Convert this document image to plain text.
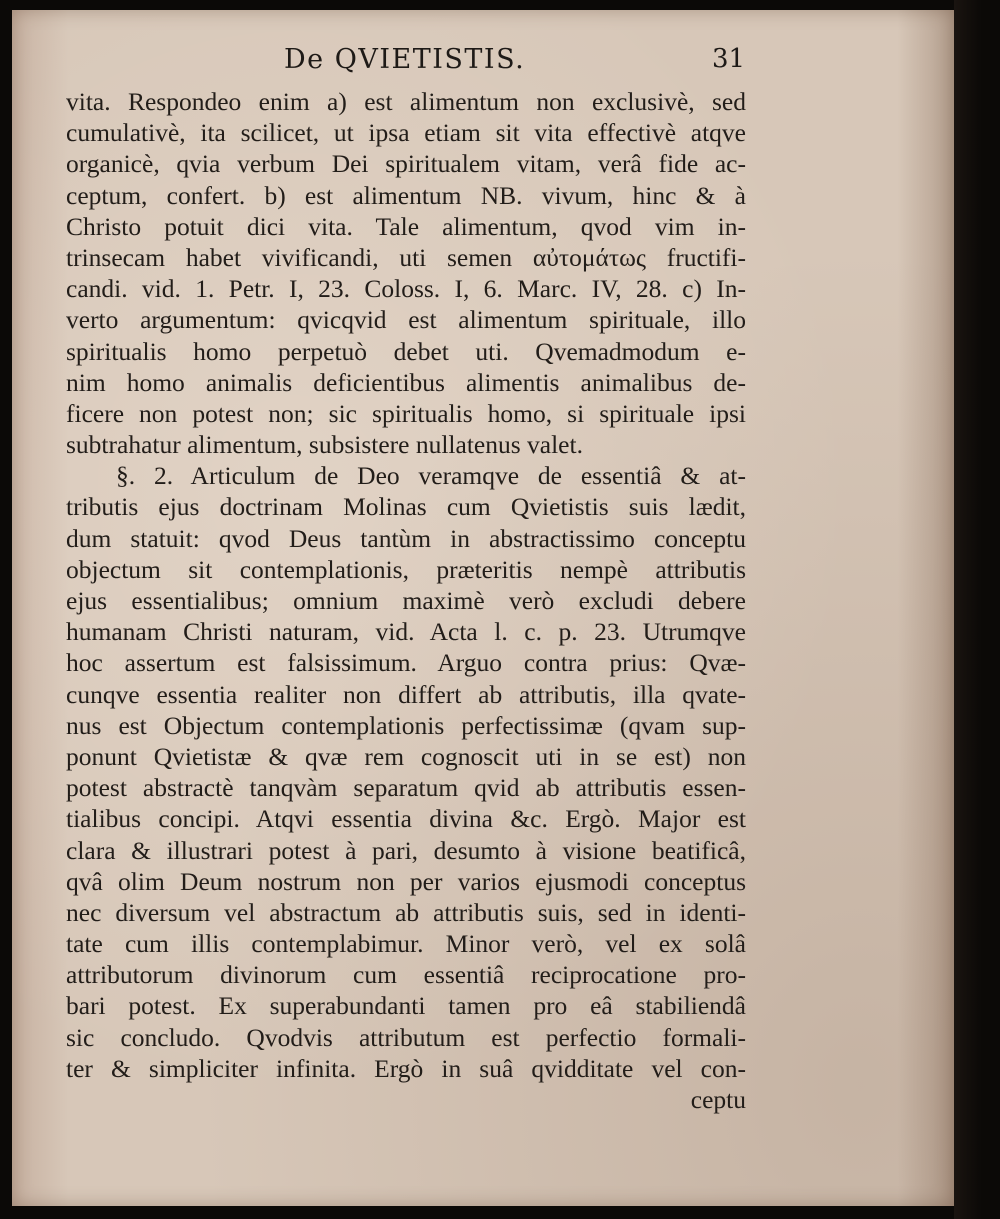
De QVIETISTIS.	31
vita. Respondeo enim a) est alimentum non exclusivè, sed
cumulativè, ita scilicet, ut ipsa etiam sit vita effectivè atqve
organicè, qvia verbum Dei spiritualem vitam, verâ fide ac-
ceptum, confert. b) est alimentum NB. vivum, hinc & à
Christo potuit dici vita. Tale alimentum, qvod vim in-
trinsecam habet vivificandi, uti semen αὐτομάτως fructifi-
candi. vid. 1. Petr. I, 23. Coloss. I, 6. Marc. IV, 28. c) In-
verto argumentum: qvicqvid est alimentum spirituale, illo
spiritualis homo perpetuò debet uti. Qvemadmodum e-
nim homo animalis deficientibus alimentis animalibus de-
ficere non potest non; sic spiritualis homo, si spirituale ipsi
subtrahatur alimentum, subsistere nullatenus valet.
§. 2. Articulum de Deo veramqve de essentiâ & at-
tributis ejus doctrinam Molinas cum Qvietistis suis lædit,
dum statuit: qvod Deus tantùm in abstractissimo conceptu
objectum sit contemplationis, præteritis nempè attributis
ejus essentialibus; omnium maximè verò excludi debere
humanam Christi naturam, vid. Acta l. c. p. 23. Utrumqve
hoc assertum est falsissimum. Arguo contra prius: Qvæ-
cunqve essentia realiter non differt ab attributis, illa qvate-
nus est Objectum contemplationis perfectissimæ (qvam sup-
ponunt Qvietistæ & qvæ rem cognoscit uti in se est) non
potest abstractè tanqvàm separatum qvid ab attributis essen-
tialibus concipi. Atqvi essentia divina &c. Ergò. Major est
clara & illustrari potest à pari, desumto à visione beatificâ,
qvâ olim Deum nostrum non per varios ejusmodi conceptus
nec diversum vel abstractum ab attributis suis, sed in identi-
tate cum illis contemplabimur. Minor verò, vel ex solâ
attributorum divinorum cum essentiâ reciprocatione pro-
bari potest. Ex superabundanti tamen pro eâ stabiliendâ
sic concludo. Qvodvis attributum est perfectio formali-
ter & simpliciter infinita. Ergò in suâ qvidditate vel con-
ceptu
